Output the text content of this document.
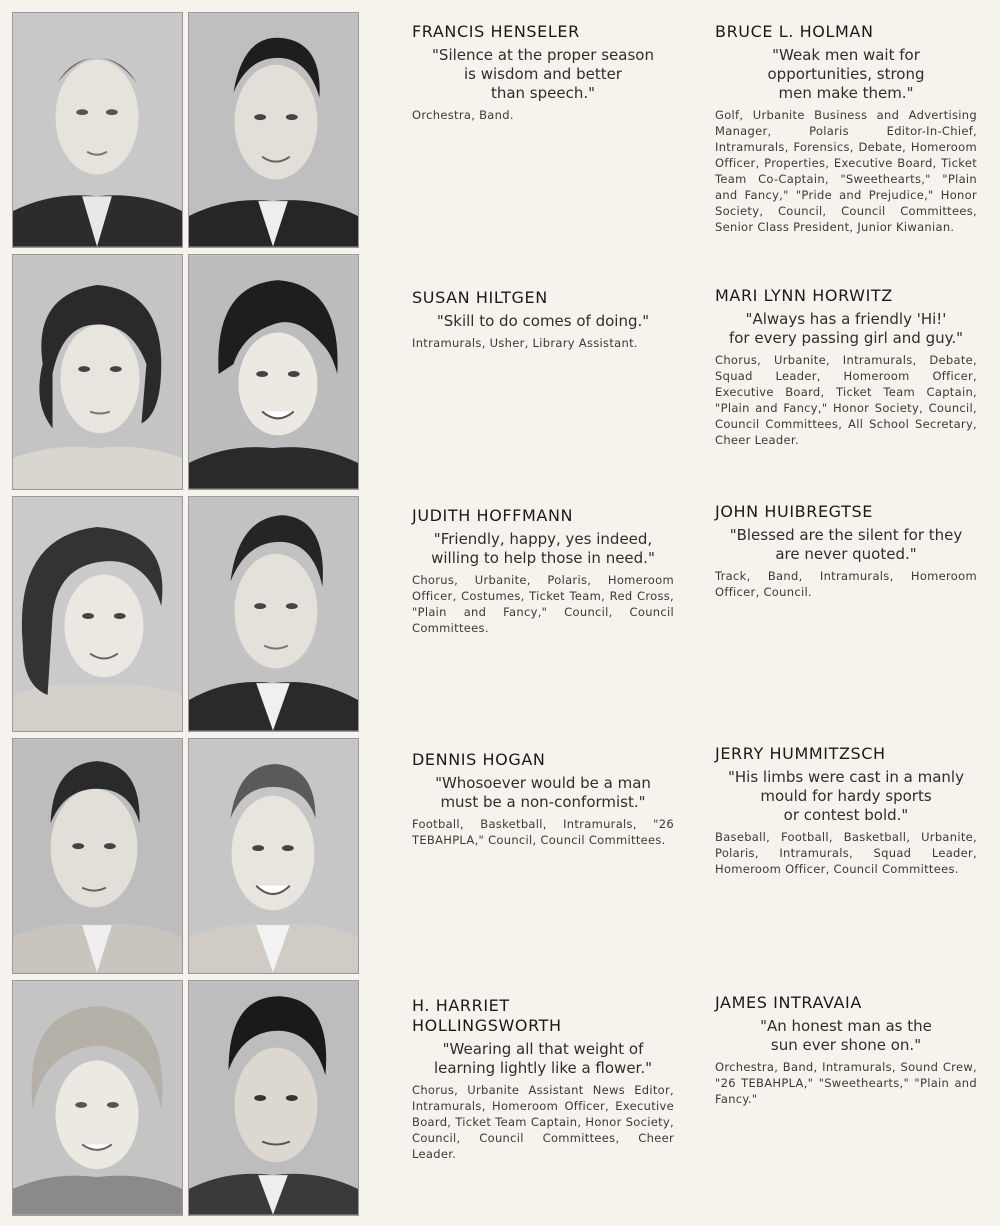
FRANCIS HENSELER
"Silence at the proper season
is wisdom and better
than speech."

Orchestra, Band.

BRUCE L. HOLMAN
"Weak men wait for
opportunities, strong
men make them."

Golf, Urbanite Business and Advertising Manager, Polaris Editor-In-Chief, Intramurals, Forensics, Debate, Homeroom Officer, Properties, Executive Board, Ticket Team Co-Captain, "Sweethearts," "Plain and Fancy," "Pride and Prejudice," Honor Society, Council, Council Committees, Senior Class President, Junior Kiwanian.

SUSAN HILTGEN
"Skill to do comes of doing."

Intramurals, Usher, Library Assistant.

MARI LYNN HORWITZ
"Always has a friendly 'Hi!'
for every passing girl and guy."

Chorus, Urbanite, Intramurals, Debate, Squad Leader, Homeroom Officer, Executive Board, Ticket Team Captain, "Plain and Fancy," Honor Society, Council, Council Committees, All School Secretary, Cheer Leader.

JUDITH HOFFMANN
"Friendly, happy, yes indeed,
willing to help those in need."

Chorus, Urbanite, Polaris, Homeroom Officer, Costumes, Ticket Team, Red Cross, "Plain and Fancy," Council, Council Committees.

JOHN HUIBREGTSE
"Blessed are the silent for they
are never quoted."

Track, Band, Intramurals, Homeroom Officer, Council.

DENNIS HOGAN
"Whosoever would be a man
must be a non-conformist."

Football, Basketball, Intramurals, "26 TEBAHPLA," Council, Council Committees.

JERRY HUMMITZSCH
"His limbs were cast in a manly
mould for hardy sports
or contest bold."

Baseball, Football, Basketball, Urbanite, Polaris, Intramurals, Squad Leader, Homeroom Officer, Council Committees.

H. HARRIET
HOLLINGSWORTH
"Wearing all that weight of
learning lightly like a flower."

Chorus, Urbanite Assistant News Editor, Intramurals, Homeroom Officer, Executive Board, Ticket Team Captain, Honor Society, Council, Council Committees, Cheer Leader.

JAMES INTRAVAIA
"An honest man as the
sun ever shone on."

Orchestra, Band, Intramurals, Sound Crew, "26 TEBAHPLA," "Sweethearts," "Plain and Fancy."
